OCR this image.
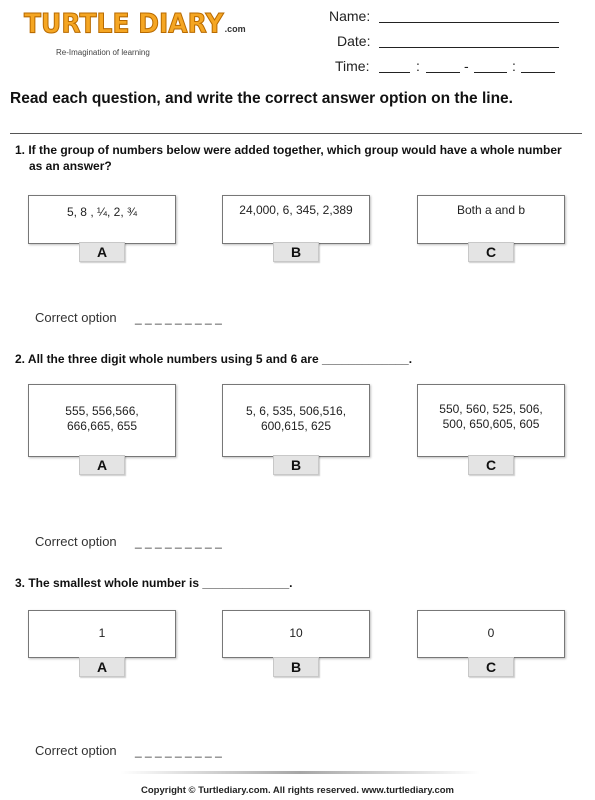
TURTLE DIARY.com
Re-Imagination of learning
Name:
Date:
Time:	:	-	:
Read each question, and write the correct answer option on the line.
1. If the group of numbers below were added together, which group would have a whole number as an answer?
5, 8 , ¼, 2, ¾
A
24,000, 6, 345, 2,389
B
Both a and b
C
Correct option _ _ _ _ _ _ _ _ _
2. All the three digit whole numbers using 5 and 6 are _____________.
555, 556,566,
666,665, 655
A
5, 6, 535, 506,516,
600,615, 625
B
550, 560, 525, 506,
500, 650,605, 605
C
Correct option _ _ _ _ _ _ _ _ _
3. The smallest whole number is _____________.
1
A
10
B
0
C
Correct option _ _ _ _ _ _ _ _ _
Copyright © Turtlediary.com. All rights reserved. www.turtlediary.com
